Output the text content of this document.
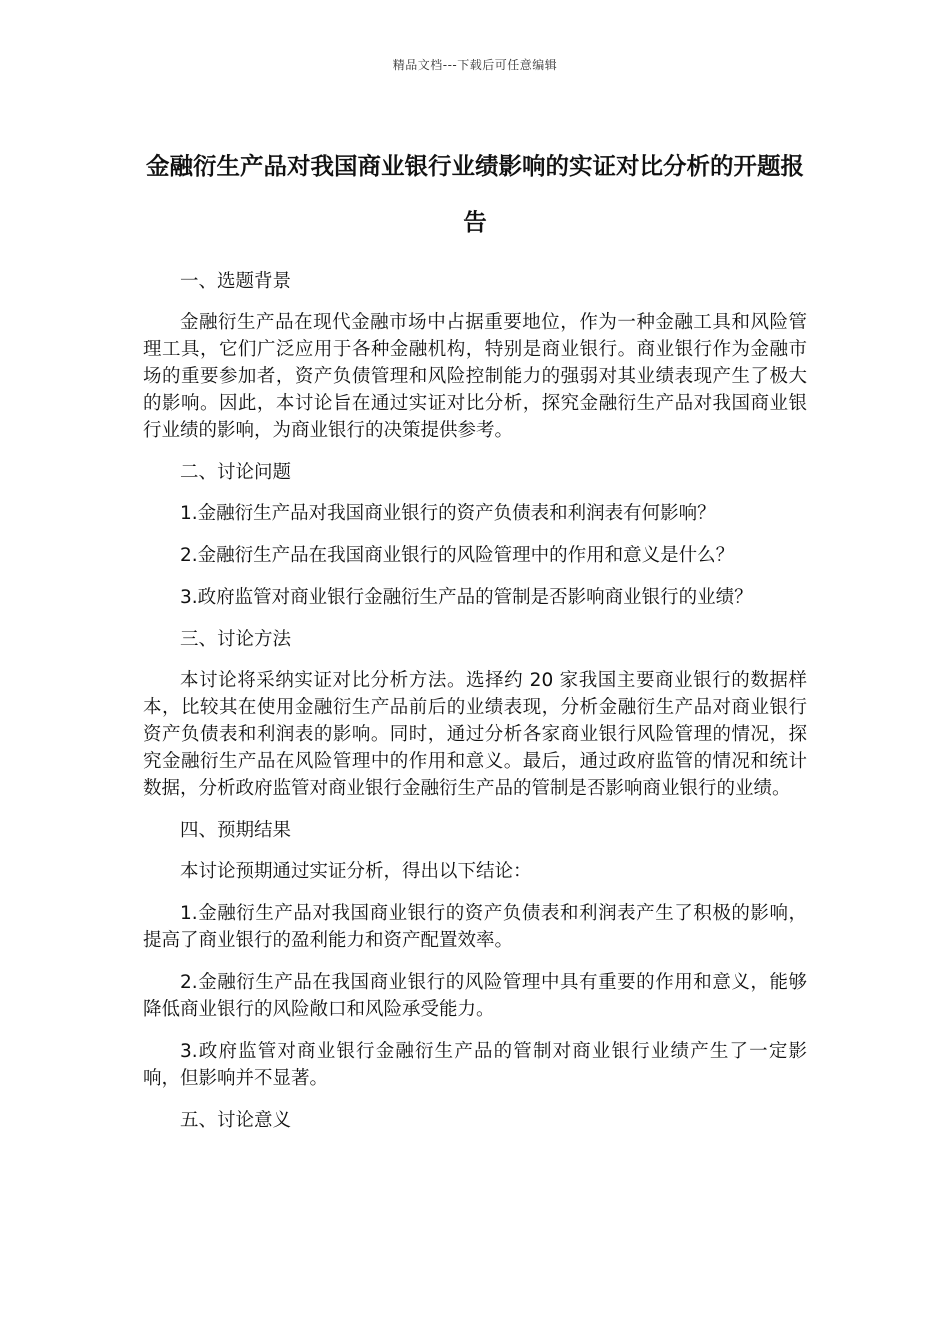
精品文档---下载后可任意编辑
金融衍生产品对我国商业银行业绩影响的实证对比分析的开题报告

一、选题背景

金融衍生产品在现代金融市场中占据重要地位，作为一种金融工具和风险管理工具，它们广泛应用于各种金融机构，特别是商业银行。商业银行作为金融市场的重要参加者，资产负债管理和风险控制能力的强弱对其业绩表现产生了极大的影响。因此，本讨论旨在通过实证对比分析，探究金融衍生产品对我国商业银行业绩的影响，为商业银行的决策提供参考。

二、讨论问题

1.金融衍生产品对我国商业银行的资产负债表和利润表有何影响？

2.金融衍生产品在我国商业银行的风险管理中的作用和意义是什么？

3.政府监管对商业银行金融衍生产品的管制是否影响商业银行的业绩？

三、讨论方法

本讨论将采纳实证对比分析方法。选择约 20 家我国主要商业银行的数据样本，比较其在使用金融衍生产品前后的业绩表现，分析金融衍生产品对商业银行资产负债表和利润表的影响。同时，通过分析各家商业银行风险管理的情况，探究金融衍生产品在风险管理中的作用和意义。最后，通过政府监管的情况和统计数据，分析政府监管对商业银行金融衍生产品的管制是否影响商业银行的业绩。

四、预期结果

本讨论预期通过实证分析，得出以下结论：

1.金融衍生产品对我国商业银行的资产负债表和利润表产生了积极的影响，提高了商业银行的盈利能力和资产配置效率。

2.金融衍生产品在我国商业银行的风险管理中具有重要的作用和意义，能够降低商业银行的风险敞口和风险承受能力。

3.政府监管对商业银行金融衍生产品的管制对商业银行业绩产生了一定影响，但影响并不显著。

五、讨论意义
